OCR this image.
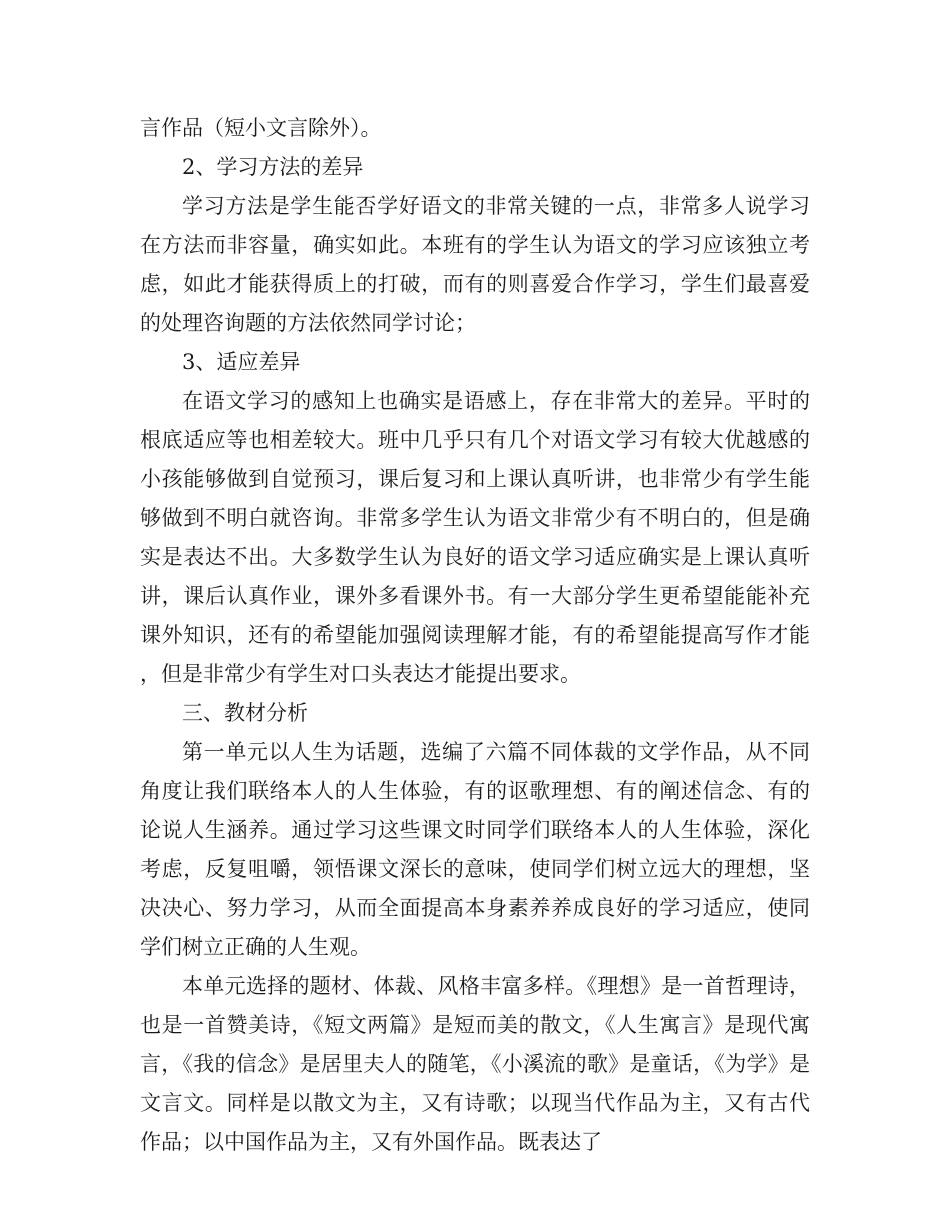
言作品（短小文言除外）。

2、学习方法的差异

学习方法是学生能否学好语文的非常关键的一点，非常多人说学习在方法而非容量，确实如此。本班有的学生认为语文的学习应该独立考虑，如此才能获得质上的打破，而有的则喜爱合作学习，学生们最喜爱的处理咨询题的方法依然同学讨论；

3、适应差异

在语文学习的感知上也确实是语感上，存在非常大的差异。平时的根底适应等也相差较大。班中几乎只有几个对语文学习有较大优越感的小孩能够做到自觉预习，课后复习和上课认真听讲，也非常少有学生能够做到不明白就咨询。非常多学生认为语文非常少有不明白的，但是确实是表达不出。大多数学生认为良好的语文学习适应确实是上课认真听讲，课后认真作业，课外多看课外书。有一大部分学生更希望能能补充课外知识，还有的希望能加强阅读理解才能，有的希望能提高写作才能，但是非常少有学生对口头表达才能提出要求。

三、教材分析

第一单元以人生为话题，选编了六篇不同体裁的文学作品，从不同角度让我们联络本人的人生体验，有的讴歌理想、有的阐述信念、有的论说人生涵养。通过学习这些课文时同学们联络本人的人生体验，深化考虑，反复咀嚼，领悟课文深长的意味，使同学们树立远大的理想，坚决决心、努力学习，从而全面提高本身素养养成良好的学习适应，使同学们树立正确的人生观。

本单元选择的题材、体裁、风格丰富多样。《理想》是一首哲理诗，也是一首赞美诗，《短文两篇》是短而美的散文，《人生寓言》是现代寓言，《我的信念》是居里夫人的随笔，《小溪流的歌》是童话，《为学》是文言文。同样是以散文为主，又有诗歌；以现当代作品为主，又有古代作品；以中国作品为主，又有外国作品。既表达了
